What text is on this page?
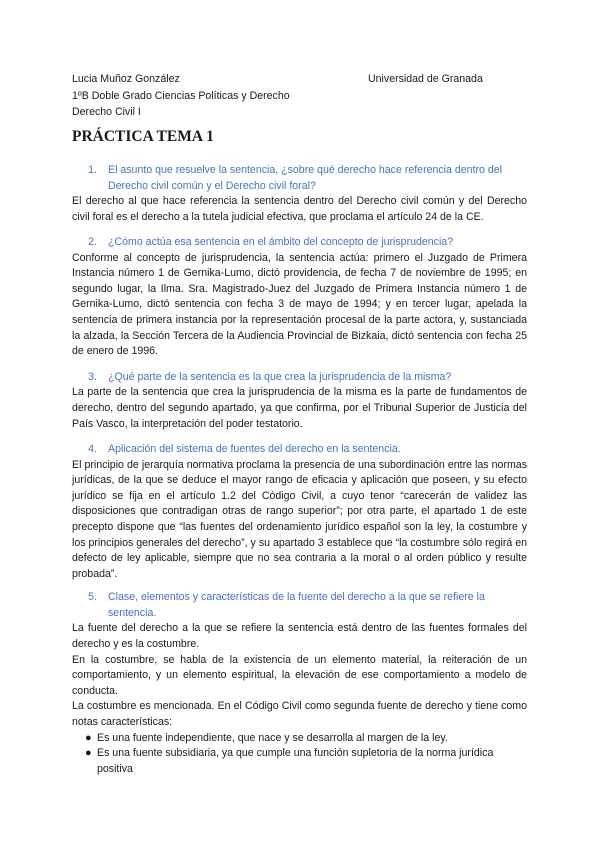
Lucia Muñoz González
1ºB Doble Grado Ciencias Políticas y Derecho
Derecho Civil I
Universidad de Granada
PRÁCTICA TEMA 1
1.	El asunto que resuelve la sentencia, ¿sobre qué derecho hace referencia dentro del Derecho civil común y el Derecho civil foral?

El derecho al que hace referencia la sentencia dentro del Derecho civil común y del Derecho civil foral es el derecho a la tutela judicial efectiva, que proclama el artículo 24 de la CE.

2.	¿Cómo actúa esa sentencia en el ámbito del concepto de jurisprudencia?

Conforme al concepto de jurisprudencia, la sentencia actúa: primero el Juzgado de Primera Instancia número 1 de Gernika-Lumo, dictó providencia, de fecha 7 de noviembre de 1995; en segundo lugar, la Ilma. Sra. Magistrado-Juez del Juzgado de Primera Instancia número 1 de Gernika-Lumo, dictó sentencia con fecha 3 de mayo de 1994; y en tercer lugar, apelada la sentencia de primera instancia por la representación procesal de la parte actora, y, sustanciada la alzada, la Sección Tercera de la Audiencia Provincial de Bizkaia, dictó sentencia con fecha 25 de enero de 1996.

3.	¿Qué parte de la sentencia es la que crea la jurisprudencia de la misma?

La parte de la sentencia que crea la jurisprudencia de la misma es la parte de fundamentos de derecho, dentro del segundo apartado, ya que confirma, por el Tribunal Superior de Justicia del País Vasco, la interpretación del poder testatorio.

4.	Aplicación del sistema de fuentes del derecho en la sentencia.

El principio de jerarquía normativa proclama la presencia de una subordinación entre las normas jurídicas, de la que se deduce el mayor rango de eficacia y aplicación que poseen, y su efecto jurídico se fija en el artículo 1.2 del Código Civil, a cuyo tenor “carecerán de validez las disposiciones que contradigan otras de rango superior”; por otra parte, el apartado 1 de este precepto dispone que “las fuentes del ordenamiento jurídico español son la ley, la costumbre y los principios generales del derecho”, y su apartado 3 establece que “la costumbre sólo regirá en defecto de ley aplicable, siempre que no sea contraria a la moral o al orden público y resulte probada”.

5.	Clase, elementos y características de la fuente del derecho a la que se refiere la sentencia.

La fuente del derecho a la que se refiere la sentencia está dentro de las fuentes formales del derecho y es la costumbre.

En la costumbre, se habla de la existencia de un elemento material, la reiteración de un comportamiento, y un elemento espiritual, la elevación de ese comportamiento a modelo de conducta.

La costumbre es mencionada. En el Código Civil como segunda fuente de derecho y tiene como notas características:

● Es una fuente independiente, que nace y se desarrolla al margen de la ley.
● Es una fuente subsidiaria, ya que cumple una función supletoria de la norma jurídica positiva
